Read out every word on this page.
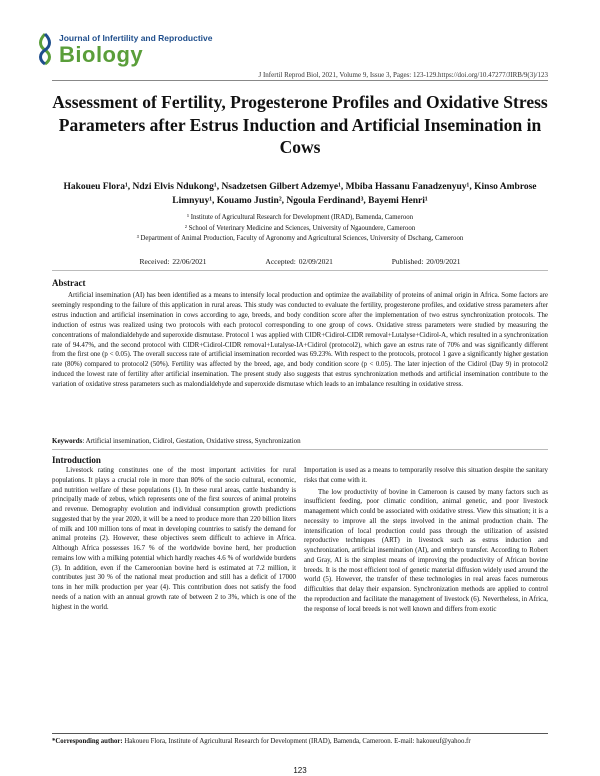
Journal of Infertility and Reproductive
Biology
J Infertil Reprod Biol, 2021, Volume 9, Issue 3, Pages: 123-129.https://doi.org/10.47277/JIRB/9(3)/123
Assessment of Fertility, Progesterone Profiles and Oxidative Stress Parameters after Estrus Induction and Artificial Insemination in Cows
Hakoueu Flora¹, Ndzi Elvis Ndukong¹, Nsadzetsen Gilbert Adzemye¹, Mbiba Hassanu Fanadzenyuy¹, Kinso Ambrose Limnyuy¹, Kouamo Justin², Ngoula Ferdinand³, Bayemi Henri¹
¹ Institute of Agricultural Research for Development (IRAD), Bamenda, Cameroon
² School of Veterinary Medicine and Sciences, University of Ngaoundere, Cameroon
³ Department of Animal Production, Faculty of Agronomy and Agricultural Sciences, University of Dschang, Cameroon
Received: 22/06/2021	Accepted: 02/09/2021	Published: 20/09/2021
Abstract
Artificial insemination (AI) has been identified as a means to intensify local production and optimize the availability of proteins of animal origin in Africa. Some factors are seemingly responding to the failure of this application in rural areas. This study was conducted to evaluate the fertility, progesterone profiles, and oxidative stress parameters after estrus induction and artificial insemination in cows according to age, breeds, and body condition score after the implementation of two estrus synchronization protocols. The induction of estrus was realized using two protocols with each protocol corresponding to one group of cows. Oxidative stress parameters were studied by measuring the concentrations of malondialdehyde and superoxide dismutase. Protocol 1 was applied with CIDR+Cidirol-CIDR removal+Lutalyse+Cidirol-A, which resulted in a synchronization rate of 94.47%, and the second protocol with CIDR+Cidirol-CIDR removal+Lutalyse-IA+Cidirol (protocol2), which gave an estrus rate of 70% and was significantly different from the first one (p < 0.05). The overall success rate of artificial insemination recorded was 69.23%. With respect to the protocols, protocol 1 gave a significantly higher gestation rate (80%) compared to protocol2 (50%). Fertility was affected by the breed, age, and body condition score (p < 0.05). The later injection of the Cidirol (Day 9) in protocol2 induced the lowest rate of fertility after artificial insemination. The present study also suggests that estrus synchronization methods and artificial insemination contribute to the variation of oxidative stress parameters such as malondialdehyde and superoxide dismutase which leads to an imbalance resulting in oxidative stress.
Keywords: Artificial insemination, Cidirol, Gestation, Oxidative stress, Synchronization
Introduction
Livestock rating constitutes one of the most important activities for rural populations. It plays a crucial role in more than 80% of the socio cultural, economic, and nutrition welfare of these populations (1). In these rural areas, cattle husbandry is principally made of zebus, which represents one of the first sources of animal proteins and revenue. Demography evolution and individual consumption growth predictions suggested that by the year 2020, it will be a need to produce more than 220 billion liters of milk and 100 million tons of meat in developing countries to satisfy the demand for animal proteins (2). However, these objectives seem difficult to achieve in Africa. Although Africa possesses 16.7 % of the worldwide bovine herd, her production remains low with a milking potential which hardly reaches 4.6 % of worldwide burdens (3). In addition, even if the Cameroonian bovine herd is estimated at 7.2 million, it contributes just 30 % of the national meat production and still has a deficit of 17000 tons in her milk production per year (4). This contribution does not satisfy the food needs of a nation with an annual growth rate of between 2 to 3%, which is one of the highest in the world.

Importation is used as a means to temporarily resolve this situation despite the sanitary risks that come with it.

The low productivity of bovine in Cameroon is caused by many factors such as insufficient feeding, poor climatic condition, animal genetic, and poor livestock management which could be associated with oxidative stress. View this situation; it is a necessity to improve all the steps involved in the animal production chain. The intensification of local production could pass through the utilization of assisted reproductive techniques (ART) in livestock such as estrus induction and synchronization, artificial insemination (AI), and embryo transfer. According to Robert and Gray, AI is the simplest means of improving the productivity of African bovine breeds. It is the most efficient tool of genetic material diffusion widely used around the world (5). However, the transfer of these technologies in real areas faces numerous difficulties that delay their expansion. Synchronization methods are applied to control the reproduction and facilitate the management of livestock (6). Nevertheless, in Africa, the response of local breeds is not well known and differs from exotic

*Corresponding author: Hakoueu Flora, Institute of Agricultural Research for Development (IRAD), Bamenda, Cameroon. E-mail: hakoueuf@yahoo.fr
123
